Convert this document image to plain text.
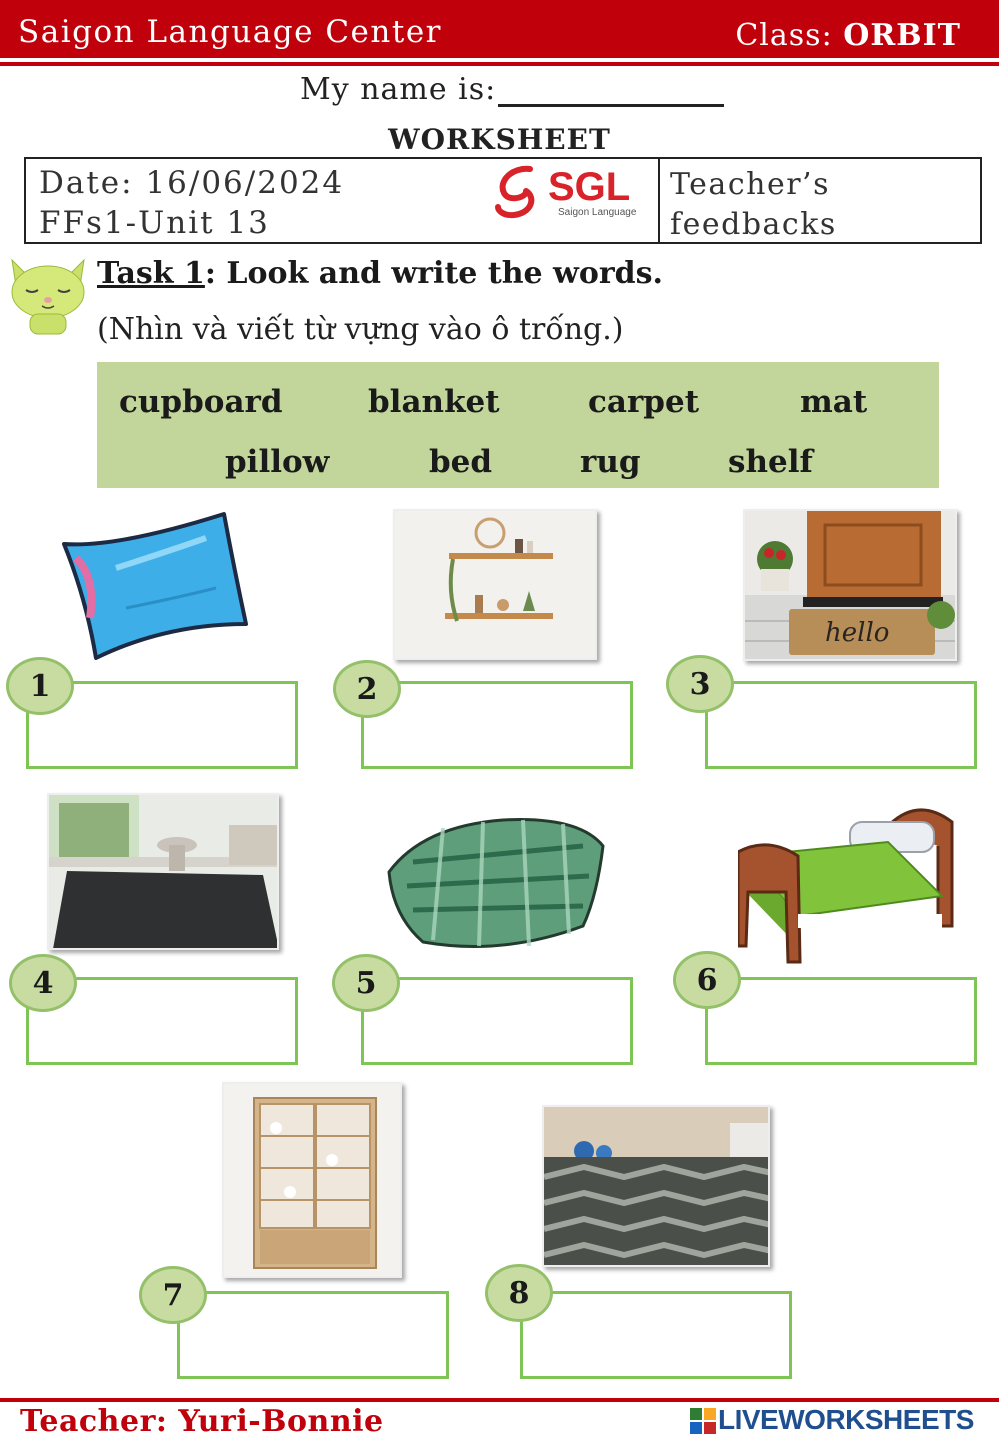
Saigon Language Center	Class: ORBIT
My name is:
WORKSHEET
Date: 16/06/2024
FFs1-Unit 13
SGL
Saigon Language
Teacher’s feedbacks
Task 1: Look and write the words.
(Nhìn và viết từ vựng vào ô trống.)
cupboard	blanket	carpet	mat
pillow	bed	rug	shelf
hello
1	2	3
4	5	6
7	8
Teacher: Yuri-Bonnie	LIVEWORKSHEETS
